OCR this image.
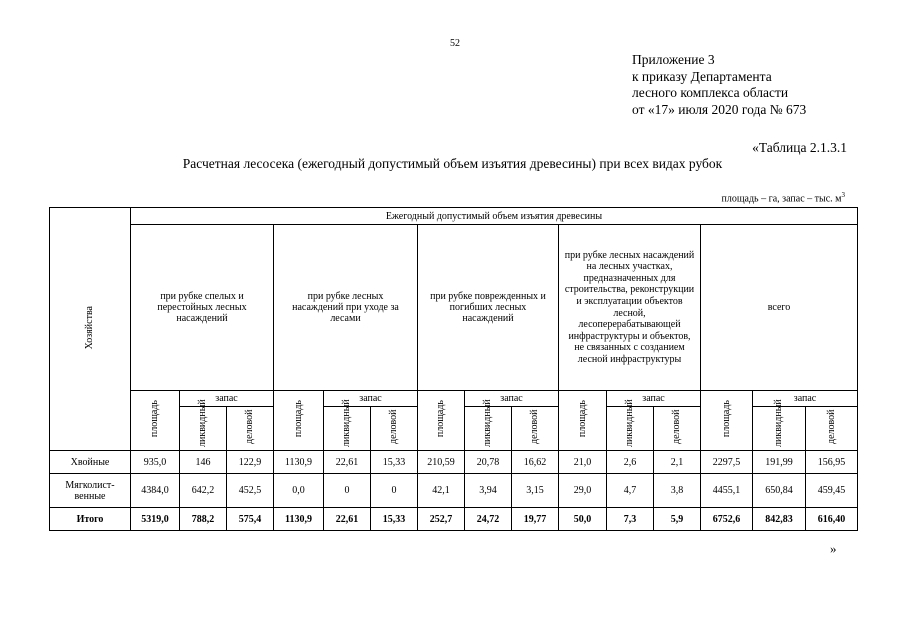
52
Приложение 3
к приказу Департамента
лесного комплекса области
от «17» июля 2020 года № 673
«Таблица 2.1.3.1
Расчетная лесосека (ежегодный допустимый объем изъятия древесины) при всех видах рубок
площадь – га, запас – тыс. $м^3$
Хозяйства	Ежегодный допустимый объем изъятия древесины														

	при рубке спелых и перестойных лесных насаждений			при рубке лесных насаждений при уходе за лесами			при рубке поврежденных и погибших лесных насаждений			при рубке лесных насаждений на лесных участках, предназначенных для строительства, реконструкции и эксплуатации объектов лесной, лесоперерабатывающей инфраструктуры и объектов, не связанных с созданием лесной инфраструктуры			всего		
	площадь	запас		площадь	запас		площадь	запас		площадь	запас		площадь	запас	
		ликвидный	деловой		ликвидный	деловой		ликвидный	деловой		ликвидный	деловой		ликвидный	деловой
Хвойные	935,0	146	122,9	1130,9	22,61	15,33	210,59	20,78	16,62	21,0	2,6	2,1	2297,5	191,99	156,95
Мягколист-
венные	4384,0	642,2	452,5	0,0	0	0	42,1	3,94	3,15	29,0	4,7	3,8	4455,1	650,84	459,45
Итого	5319,0	788,2	575,4	1130,9	22,61	15,33	252,7	24,72	19,77	50,0	7,3	5,9	6752,6	842,83	616,40
»
